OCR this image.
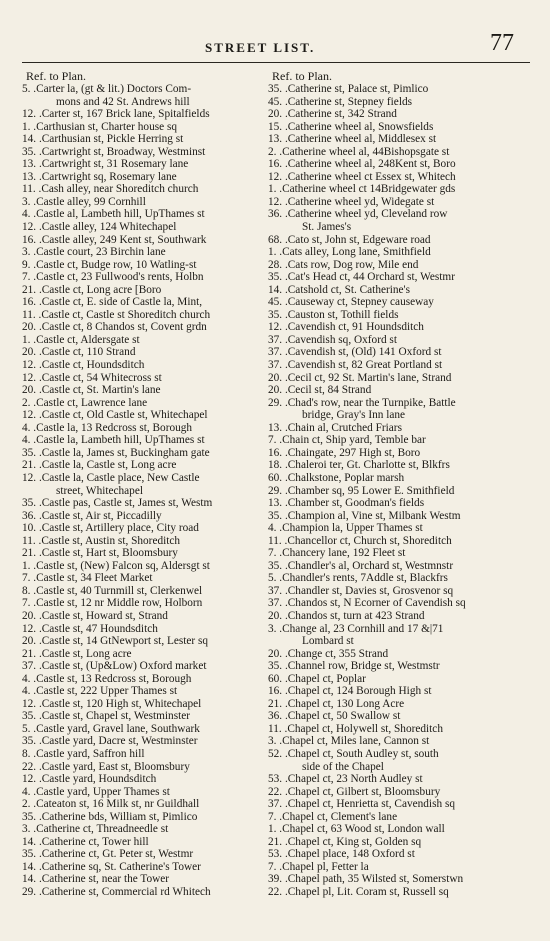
STREET LIST.	77
Ref. to Plan.
5. .Carter la, (gt & lit.) Doctors Com-
mons and 42 St. Andrews hill
12. .Carter st, 167 Brick lane, Spitalfields
1. .Carthusian st, Charter house sq
14. .Carthusian st, Pickle Herring st
35. .Cartwright st, Broadway, Westminst
13. .Cartwright st, 31 Rosemary lane
13. .Cartwright sq, Rosemary lane
11. .Cash alley, near Shoreditch church
3. .Castle alley, 99 Cornhill
4. .Castle al, Lambeth hill, UpThames st
12. .Castle alley, 124 Whitechapel
16. .Castle alley, 249 Kent st, Southwark
3. .Castle court, 23 Birchin lane
9. .Castle ct, Budge row, 10 Watling-st
7. .Castle ct, 23 Fullwood's rents, Holbn
21. .Castle ct, Long acre [Boro
16. .Castle ct, E. side of Castle la, Mint,
11. .Castle ct, Castle st Shoreditch church
20. .Castle ct, 8 Chandos st, Covent grdn
1. .Castle ct, Aldersgate st
20. .Castle ct, 110 Strand
12. .Castle ct, Houndsditch
12. .Castle ct, 54 Whitecross st
20. .Castle ct, St. Martin's lane
2. .Castle ct, Lawrence lane
12. .Castle ct, Old Castle st, Whitechapel
4. .Castle la, 13 Redcross st, Borough
4. .Castle la, Lambeth hill, UpThames st
35. .Castle la, James st, Buckingham gate
21. .Castle la, Castle st, Long acre
12. .Castle la, Castle place, New Castle
street, Whitechapel
35. .Castle pas, Castle st, James st, Westm
36. .Castle st, Air st, Piccadilly
10. .Castle st, Artillery place, City road
11. .Castle st, Austin st, Shoreditch
21. .Castle st, Hart st, Bloomsbury
1. .Castle st, (New) Falcon sq, Aldersgt st
7. .Castle st, 34 Fleet Market
8. .Castle st, 40 Turnmill st, Clerkenwel
7. .Castle st, 12 nr Middle row, Holborn
20. .Castle st, Howard st, Strand
12. .Castle st, 47 Houndsditch
20. .Castle st, 14 GtNewport st, Lester sq
21. .Castle st, Long acre
37. .Castle st, (Up&Low) Oxford market
4. .Castle st, 13 Redcross st, Borough
4. .Castle st, 222 Upper Thames st
12. .Castle st, 120 High st, Whitechapel
35. .Castle st, Chapel st, Westminster
5. .Castle yard, Gravel lane, Southwark
35. .Castle yard, Dacre st, Westminster
8. .Castle yard, Saffron hill
22. .Castle yard, East st, Bloomsbury
12. .Castle yard, Houndsditch
4. .Castle yard, Upper Thames st
2. .Cateaton st, 16 Milk st, nr Guildhall
35. .Catherine bds, William st, Pimlico
3. .Catherine ct, Threadneedle st
14. .Catherine ct, Tower hill
35. .Catherine ct, Gt. Peter st, Westmr
14. .Catherine sq, St. Catherine's Tower
14. .Catherine st, near the Tower
29. .Catherine st, Commercial rd Whitech
Ref. to Plan.
35. .Catherine st, Palace st, Pimlico
45. .Catherine st, Stepney fields
20. .Catherine st, 342 Strand
15. .Catherine wheel al, Snowsfields
13. .Catherine wheel al, Middlesex st
2. .Catherine wheel al, 44Bishopsgate st
16. .Catherine wheel al, 248Kent st, Boro
12. .Catherine wheel ct Essex st, Whitech
1. .Catherine wheel ct 14Bridgewater gds
12. .Catherine wheel yd, Widegate st
36. .Catherine wheel yd, Cleveland row
St. James's
68. .Cato st, John st, Edgeware road
1. .Cats alley, Long lane, Smithfield
28. .Cats row, Dog row, Mile end
35. .Cat's Head ct, 44 Orchard st, Westmr
14. .Catshold ct, St. Catherine's
45. .Causeway ct, Stepney causeway
35. .Causton st, Tothill fields
12. .Cavendish ct, 91 Houndsditch
37. .Cavendish sq, Oxford st
37. .Cavendish st, (Old) 141 Oxford st
37. .Cavendish st, 82 Great Portland st
20. .Cecil ct, 92 St. Martin's lane, Strand
20. .Cecil st, 84 Strand
29. .Chad's row, near the Turnpike, Battle
bridge, Gray's Inn lane
13. .Chain al, Crutched Friars
7. .Chain ct, Ship yard, Temble bar
16. .Chaingate, 297 High st, Boro
18. .Chaleroi ter, Gt. Charlotte st, Blkfrs
60. .Chalkstone, Poplar marsh
29. .Chamber sq, 95 Lower E. Smithfield
13. .Chamber st, Goodman's fields
35. .Champion al, Vine st, Milbank Westm
4. .Champion la, Upper Thames st
11. .Chancellor ct, Church st, Shoreditch
7. .Chancery lane, 192 Fleet st
35. .Chandler's al, Orchard st, Westmnstr
5. .Chandler's rents, 7Addle st, Blackfrs
37. .Chandler st, Davies st, Grosvenor sq
37. .Chandos st, N Ecorner of Cavendish sq
20. .Chandos st, turn at 423 Strand
3. .Change al, 23 Cornhill and 17 &|71
Lombard st
20. .Change ct, 355 Strand
35. .Channel row, Bridge st, Westmstr
60. .Chapel ct, Poplar
16. .Chapel ct, 124 Borough High st
21. .Chapel ct, 130 Long Acre
36. .Chapel ct, 50 Swallow st
11. .Chapel ct, Holywell st, Shoreditch
3. .Chapel ct, Miles lane, Cannon st
52. .Chapel ct, South Audley st, south
side of the Chapel
53. .Chapel ct, 23 North Audley st
22. .Chapel ct, Gilbert st, Bloomsbury
37. .Chapel ct, Henrietta st, Cavendish sq
7. .Chapel ct, Clement's lane
1. .Chapel ct, 63 Wood st, London wall
21. .Chapel ct, King st, Golden sq
53. .Chapel place, 148 Oxford st
7. .Chapel pl, Fetter la
39. .Chapel path, 35 Wilsted st, Somerstwn
22. .Chapel pl, Lit. Coram st, Russell sq
